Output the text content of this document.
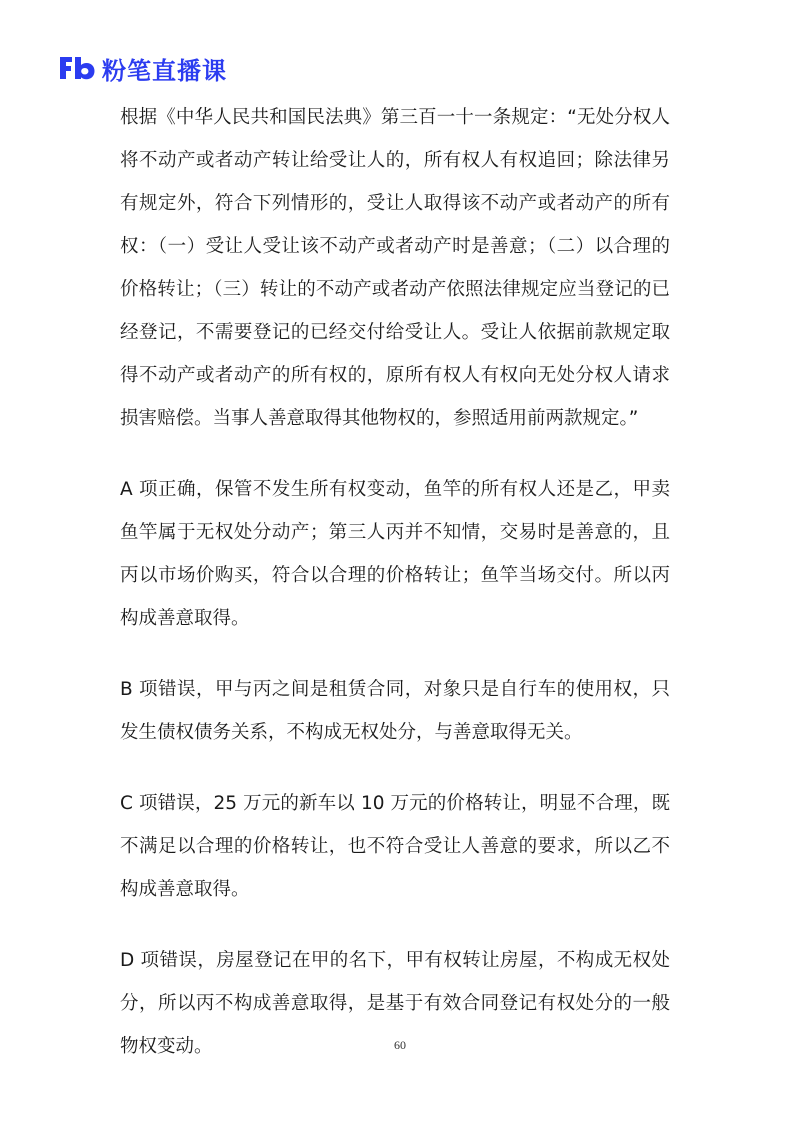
粉笔直播课

根据《中华人民共和国民法典》第三百一十一条规定：“无处分权人将不动产或者动产转让给受让人的，所有权人有权追回；除法律另有规定外，符合下列情形的，受让人取得该不动产或者动产的所有权：（一）受让人受让该不动产或者动产时是善意；（二）以合理的价格转让；（三）转让的不动产或者动产依照法律规定应当登记的已经登记，不需要登记的已经交付给受让人。受让人依据前款规定取得不动产或者动产的所有权的，原所有权人有权向无处分权人请求损害赔偿。当事人善意取得其他物权的，参照适用前两款规定。”

A 项正确，保管不发生所有权变动，鱼竿的所有权人还是乙，甲卖鱼竿属于无权处分动产；第三人丙并不知情，交易时是善意的，且丙以市场价购买，符合以合理的价格转让；鱼竿当场交付。所以丙构成善意取得。

B 项错误，甲与丙之间是租赁合同，对象只是自行车的使用权，只发生债权债务关系，不构成无权处分，与善意取得无关。

C 项错误，25 万元的新车以 10 万元的价格转让，明显不合理，既不满足以合理的价格转让，也不符合受让人善意的要求，所以乙不构成善意取得。

D 项错误，房屋登记在甲的名下，甲有权转让房屋，不构成无权处分，所以丙不构成善意取得，是基于有效合同登记有权处分的一般物权变动。	60
